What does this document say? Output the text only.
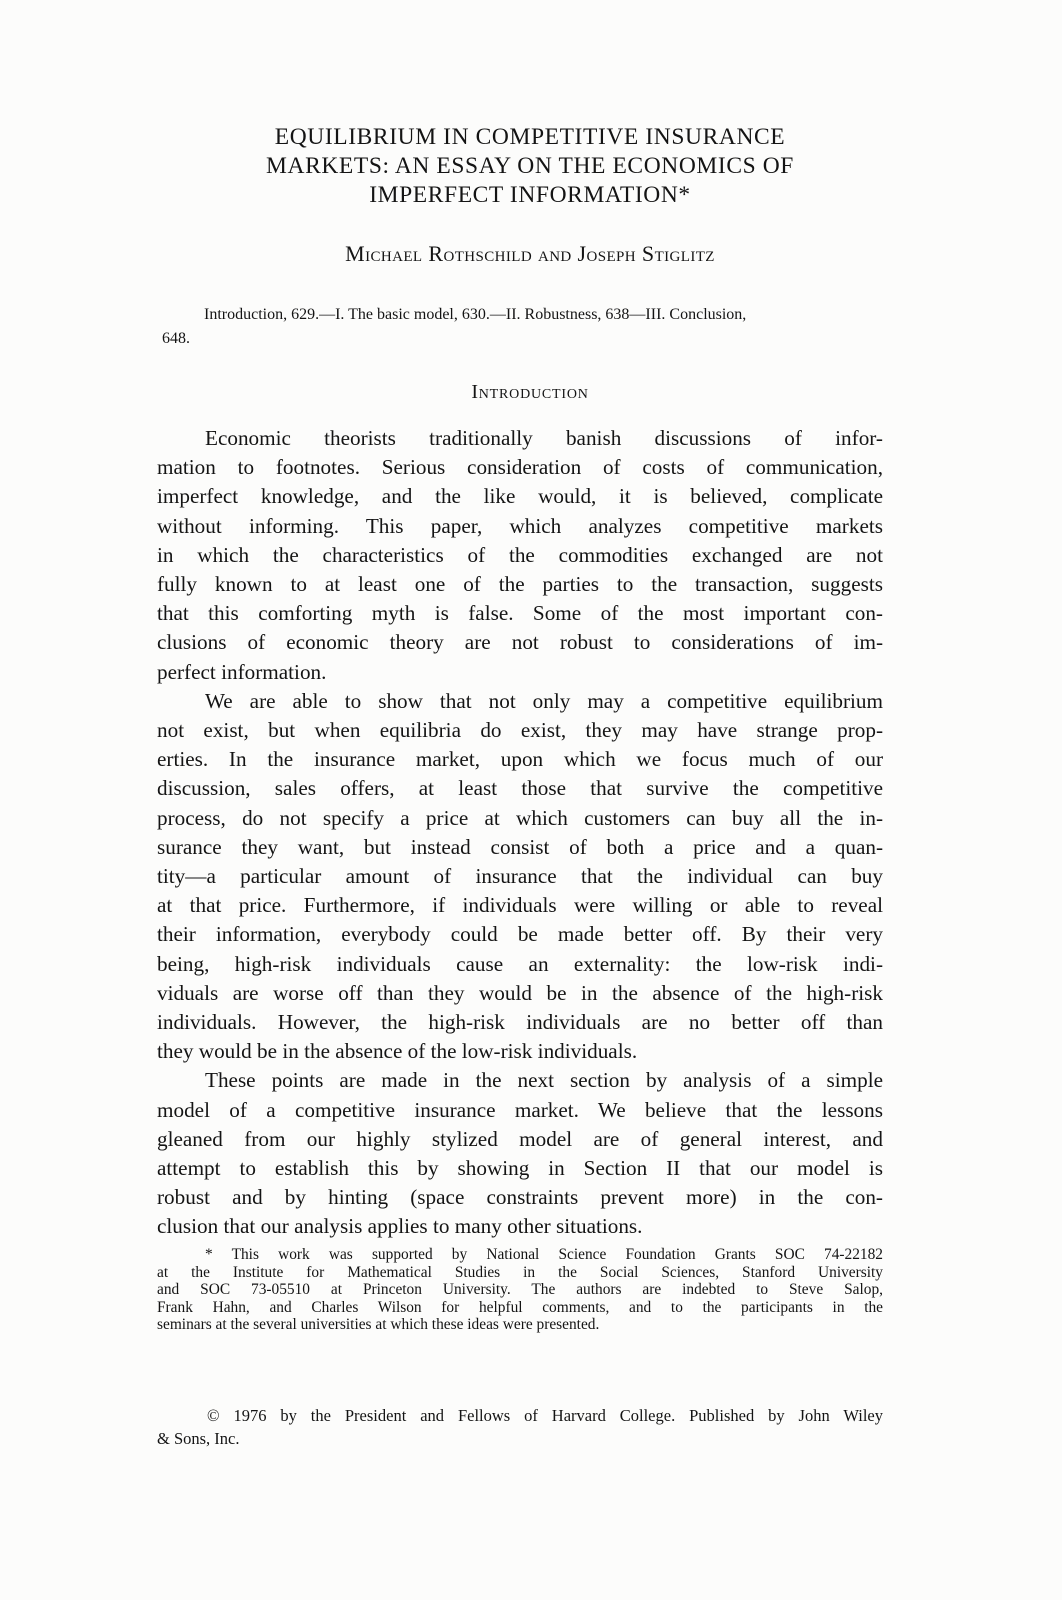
EQUILIBRIUM IN COMPETITIVE INSURANCE
MARKETS: AN ESSAY ON THE ECONOMICS OF
IMPERFECT INFORMATION*

Michael Rothschild and Joseph Stiglitz

Introduction, 629.—I. The basic model, 630.—II. Robustness, 638—III. Conclusion,
648.

Introduction
Economic theorists traditionally banish discussions of infor-
mation to footnotes. Serious consideration of costs of communication,
imperfect knowledge, and the like would, it is believed, complicate
without informing. This paper, which analyzes competitive markets
in which the characteristics of the commodities exchanged are not
fully known to at least one of the parties to the transaction, suggests
that this comforting myth is false. Some of the most important con-
clusions of economic theory are not robust to considerations of im-
perfect information.
We are able to show that not only may a competitive equilibrium
not exist, but when equilibria do exist, they may have strange prop-
erties. In the insurance market, upon which we focus much of our
discussion, sales offers, at least those that survive the competitive
process, do not specify a price at which customers can buy all the in-
surance they want, but instead consist of both a price and a quan-
tity—a particular amount of insurance that the individual can buy
at that price. Furthermore, if individuals were willing or able to reveal
their information, everybody could be made better off. By their very
being, high-risk individuals cause an externality: the low-risk indi-
viduals are worse off than they would be in the absence of the high-risk
individuals. However, the high-risk individuals are no better off than
they would be in the absence of the low-risk individuals.
These points are made in the next section by analysis of a simple
model of a competitive insurance market. We believe that the lessons
gleaned from our highly stylized model are of general interest, and
attempt to establish this by showing in Section II that our model is
robust and by hinting (space constraints prevent more) in the con-
clusion that our analysis applies to many other situations.
* This work was supported by National Science Foundation Grants SOC 74-22182
at the Institute for Mathematical Studies in the Social Sciences, Stanford University
and SOC 73-05510 at Princeton University. The authors are indebted to Steve Salop,
Frank Hahn, and Charles Wilson for helpful comments, and to the participants in the
seminars at the several universities at which these ideas were presented.
© 1976 by the President and Fellows of Harvard College. Published by John Wiley
& Sons, Inc.
